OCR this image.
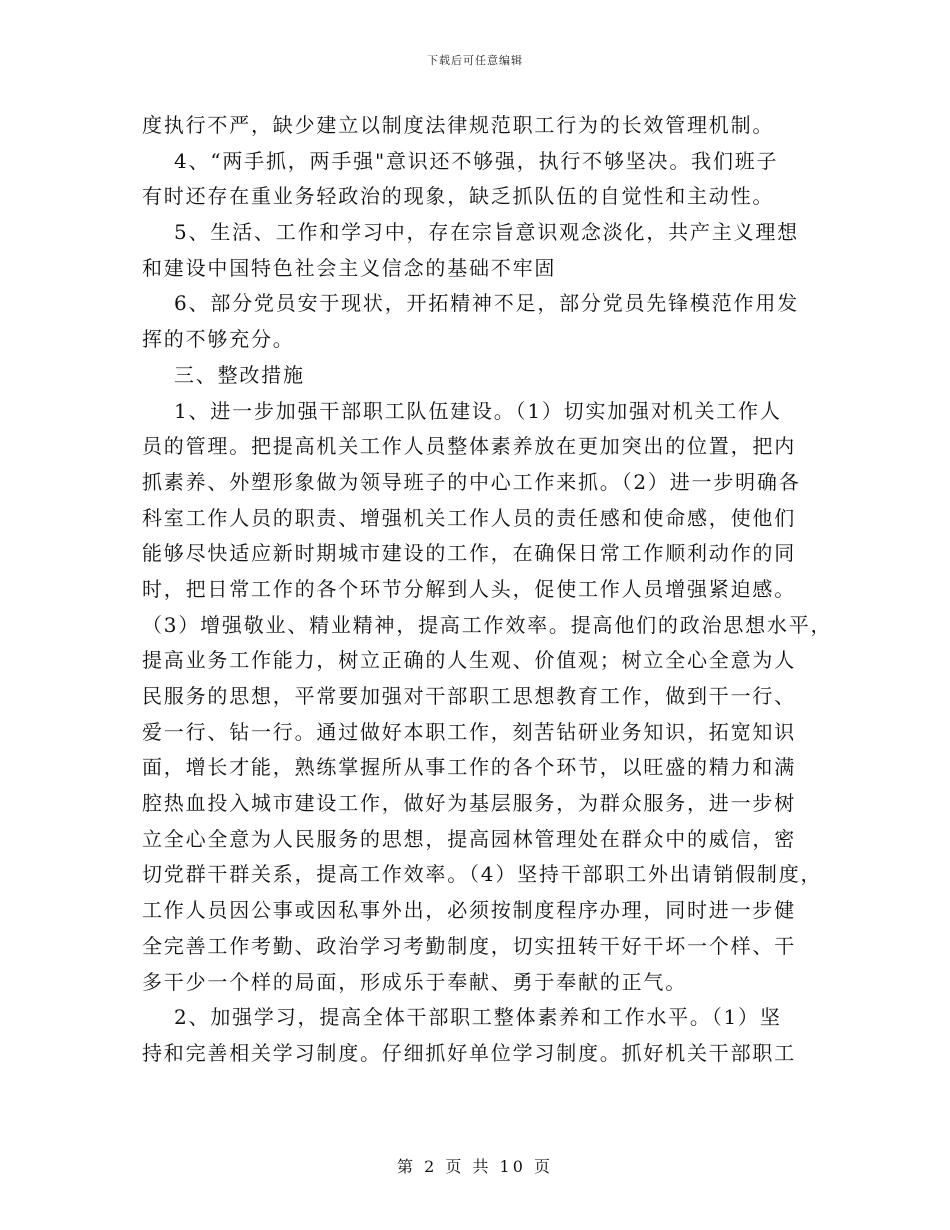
下载后可任意编辑
度执行不严，缺少建立以制度法律规范职工行为的长效管理机制。
4、“两手抓，两手强"意识还不够强，执行不够坚决。我们班子
有时还存在重业务轻政治的现象，缺乏抓队伍的自觉性和主动性。
5、生活、工作和学习中，存在宗旨意识观念淡化，共产主义理想
和建设中国特色社会主义信念的基础不牢固
6、部分党员安于现状，开拓精神不足，部分党员先锋模范作用发
挥的不够充分。
三、整改措施
1、进一步加强干部职工队伍建设。（1）切实加强对机关工作人
员的管理。把提高机关工作人员整体素养放在更加突出的位置，把内
抓素养、外塑形象做为领导班子的中心工作来抓。（2）进一步明确各
科室工作人员的职责、增强机关工作人员的责任感和使命感，使他们
能够尽快适应新时期城市建设的工作，在确保日常工作顺利动作的同
时，把日常工作的各个环节分解到人头，促使工作人员增强紧迫感。
（3）增强敬业、精业精神，提高工作效率。提高他们的政治思想水平，
提高业务工作能力，树立正确的人生观、价值观；树立全心全意为人
民服务的思想，平常要加强对干部职工思想教育工作，做到干一行、
爱一行、钻一行。通过做好本职工作，刻苦钻研业务知识，拓宽知识
面，增长才能，熟练掌握所从事工作的各个环节，以旺盛的精力和满
腔热血投入城市建设工作，做好为基层服务，为群众服务，进一步树
立全心全意为人民服务的思想，提高园林管理处在群众中的威信，密
切党群干群关系，提高工作效率。（4）坚持干部职工外出请销假制度，
工作人员因公事或因私事外出，必须按制度程序办理，同时进一步健
全完善工作考勤、政治学习考勤制度，切实扭转干好干坏一个样、干
多干少一个样的局面，形成乐于奉献、勇于奉献的正气。
2、加强学习，提高全体干部职工整体素养和工作水平。（1）坚
持和完善相关学习制度。仔细抓好单位学习制度。抓好机关干部职工
第 2 页 共 10 页
